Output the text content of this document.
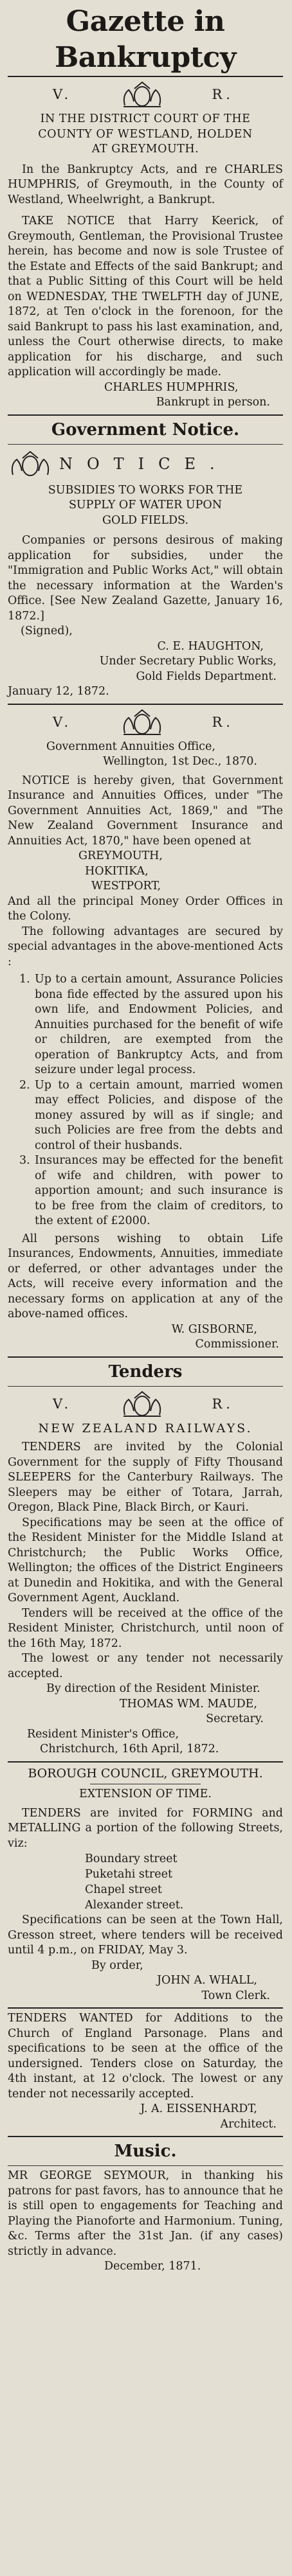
Gazette in Bankruptcy
V.	R.

IN THE DISTRICT COURT OF THE

COUNTY OF WESTLAND, HOLDEN

AT GREYMOUTH.

In the Bankruptcy Acts, and re CHARLES HUMPHRIS, of Greymouth, in the County of Westland, Wheelwright, a Bankrupt.

TAKE NOTICE that Harry Keerick, of Greymouth, Gentleman, the Provisional Trustee herein, has become and now is sole Trustee of the Estate and Effects of the said Bankrupt; and that a Public Sitting of this Court will be held on WEDNESDAY, THE TWELFTH day of JUNE, 1872, at Ten o'clock in the forenoon, for the said Bankrupt to pass his last examination, and, unless the Court otherwise directs, to make application for his discharge, and such application will accordingly be made.

CHARLES HUMPHRIS,

Bankrupt in person.

Government Notice.
NOTICE.

SUBSIDIES TO WORKS FOR THE

SUPPLY OF WATER UPON

GOLD FIELDS.

Companies or persons desirous of making application for subsidies, under the "Immigration and Public Works Act," will obtain the necessary information at the Warden's Office. [See New Zealand Gazette, January 16, 1872.]

(Signed),

C. E. HAUGHTON,

Under Secretary Public Works,

Gold Fields Department.

January 12, 1872.

V.	R.

Government Annuities Office,

Wellington, 1st Dec., 1870.

NOTICE is hereby given, that Government Insurance and Annuities Offices, under "The Government Annuities Act, 1869," and "The New Zealand Government Insurance and Annuities Act, 1870," have been opened at

GREYMOUTH,

HOKITIKA,

WESTPORT,

And all the principal Money Order Offices in the Colony.

The following advantages are secured by special advantages in the above-mentioned Acts :

1. Up to a certain amount, Assurance Policies bona fide effected by the assured upon his own life, and Endowment Policies, and Annuities purchased for the benefit of wife or children, are exempted from the operation of Bankruptcy Acts, and from seizure under legal process.
2. Up to a certain amount, married women may effect Policies, and dispose of the money assured by will as if single; and such Policies are free from the debts and control of their husbands.
3. Insurances may be effected for the benefit of wife and children, with power to apportion amount; and such insurance is to be free from the claim of creditors, to the extent of £2000.

All persons wishing to obtain Life Insurances, Endowments, Annuities, immediate or deferred, or other advantages under the Acts, will receive every information and the necessary forms on application at any of the above-named offices.

W. GISBORNE,

Commissioner.

Tenders
V.	R.

NEW ZEALAND RAILWAYS.

TENDERS are invited by the Colonial Government for the supply of Fifty Thousand SLEEPERS for the Canterbury Railways. The Sleepers may be either of Totara, Jarrah, Oregon, Black Pine, Black Birch, or Kauri.

Specifications may be seen at the office of the Resident Minister for the Middle Island at Christchurch; the Public Works Office, Wellington; the offices of the District Engineers at Dunedin and Hokitika, and with the General Government Agent, Auckland.

Tenders will be received at the office of the Resident Minister, Christchurch, until noon of the 16th May, 1872.

The lowest or any tender not necessarily accepted.

By direction of the Resident Minister.

THOMAS WM. MAUDE,

Secretary.

Resident Minister's Office,

Christchurch, 16th April, 1872.

BOROUGH COUNCIL, GREYMOUTH.

EXTENSION OF TIME.

TENDERS are invited for FORMING and METALLING a portion of the following Streets, viz:

Boundary street
Puketahi street
Chapel street
Alexander street.

Specifications can be seen at the Town Hall, Gresson street, where tenders will be received until 4 p.m., on FRIDAY, May 3.

By order,

JOHN A. WHALL,

Town Clerk.

TENDERS WANTED for Additions to the Church of England Parsonage. Plans and specifications to be seen at the office of the undersigned. Tenders close on Saturday, the 4th instant, at 12 o'clock. The lowest or any tender not necessarily accepted.

J. A. EISSENHARDT,

Architect.

Music.

MR GEORGE SEYMOUR, in thanking his patrons for past favors, has to announce that he is still open to engagements for Teaching and Playing the Pianoforte and Harmonium. Tuning, &c. Terms after the 31st Jan. (if any cases) strictly in advance.

December, 1871.
